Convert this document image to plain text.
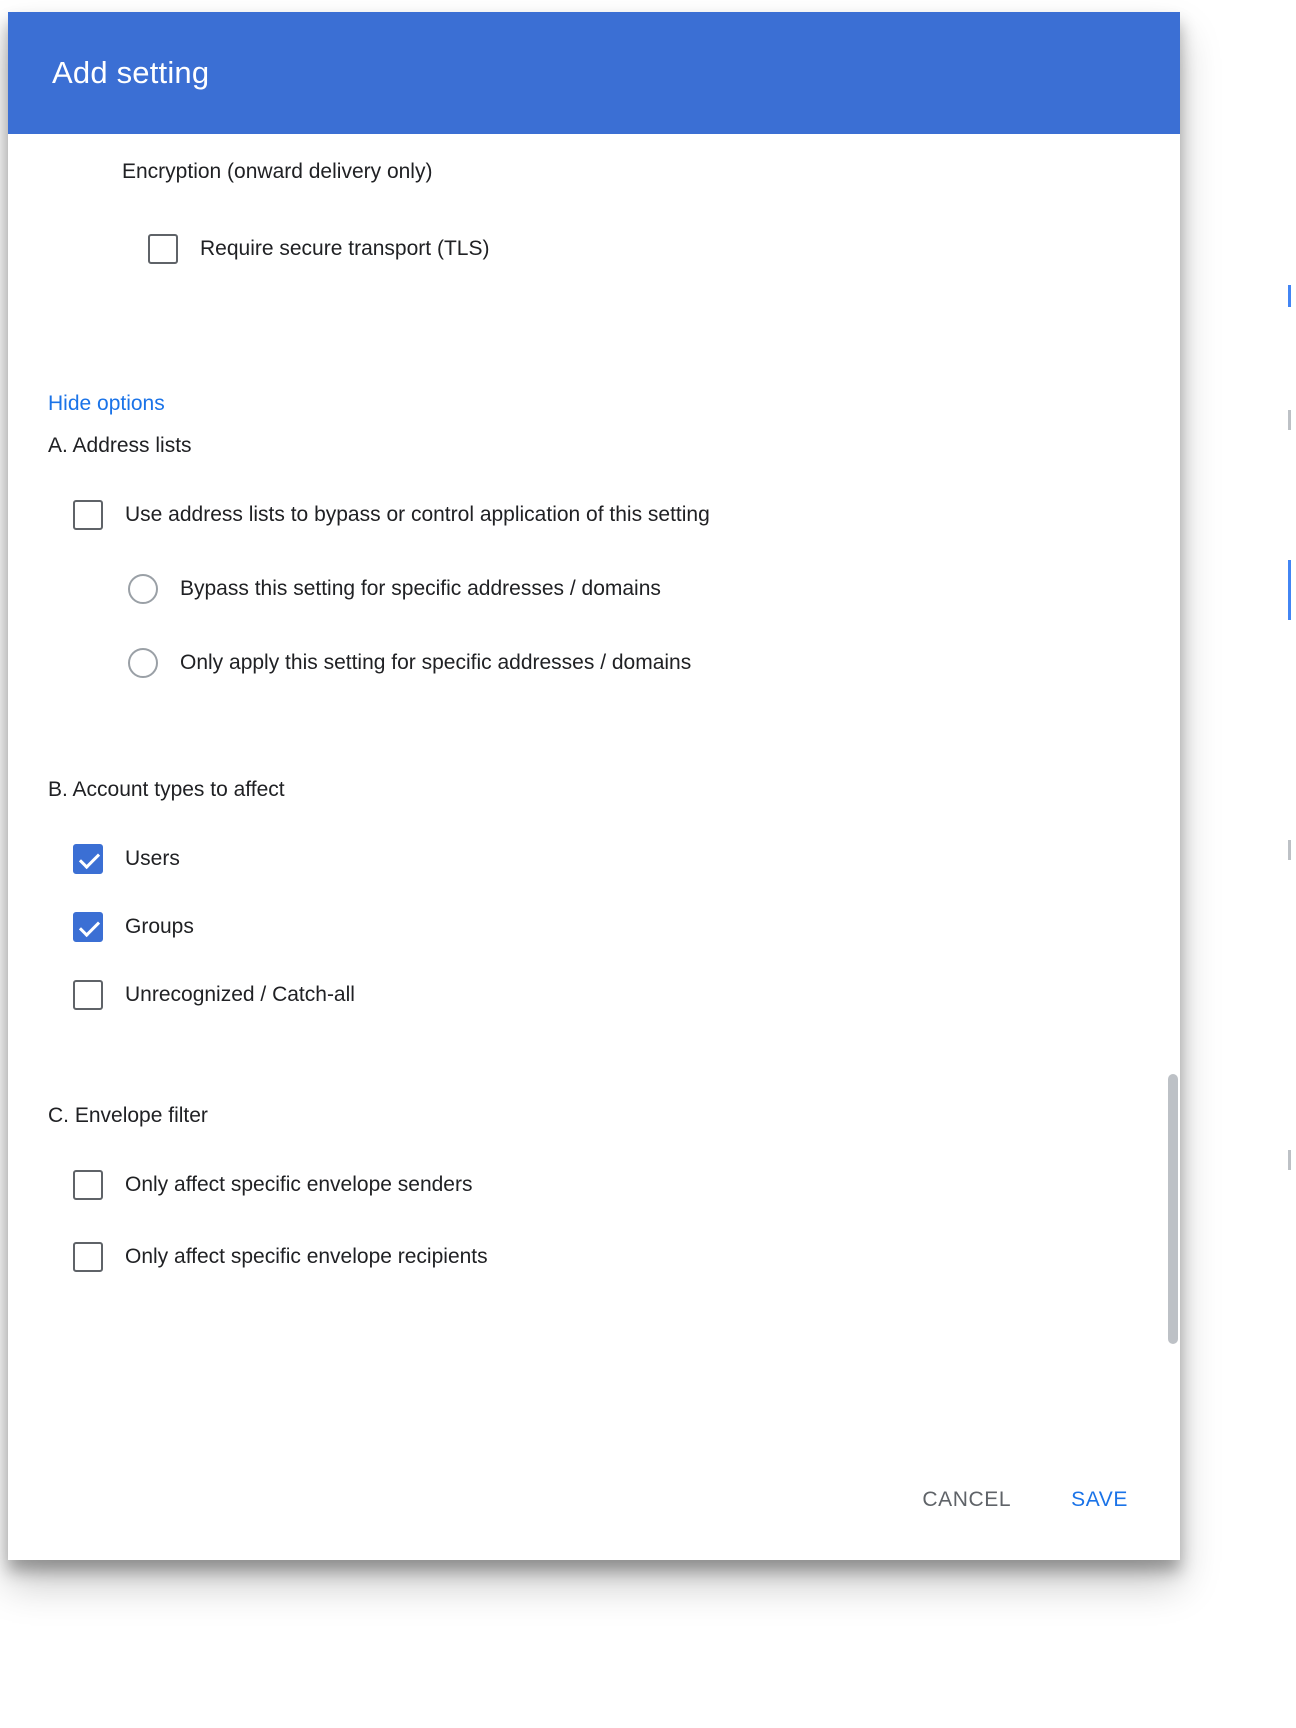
Add setting
Encryption (onward delivery only)
Require secure transport (TLS)
Hide options
A. Address lists
Use address lists to bypass or control application of this setting
Bypass this setting for specific addresses / domains
Only apply this setting for specific addresses / domains
B. Account types to affect
Users
Groups
Unrecognized / Catch-all
C. Envelope filter
Only affect specific envelope senders
Only affect specific envelope recipients
CANCEL	SAVE
